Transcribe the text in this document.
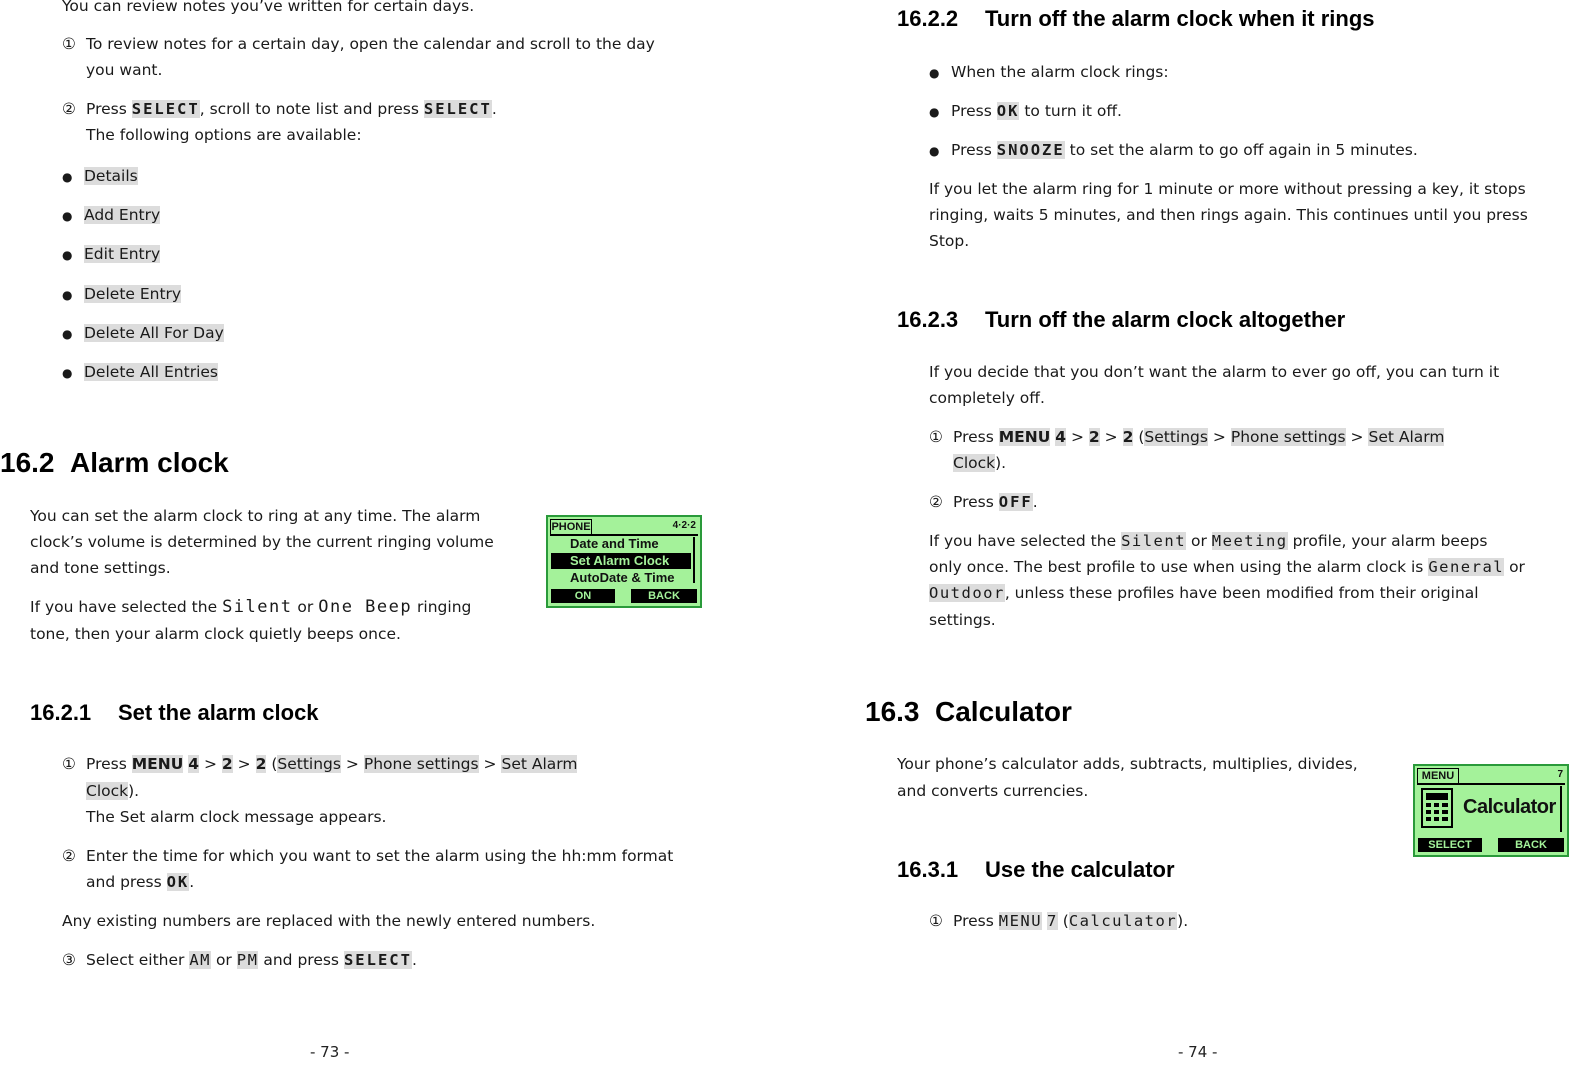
You can review notes you’ve written for certain days.
① To review notes for a certain day, open the calendar and scroll to the day
you want.
② Press SELECT, scroll to note list and press SELECT.
The following options are available:
● Details
● Add Entry
● Edit Entry
● Delete Entry
● Delete All For Day
● Delete All Entries
16.2 Alarm clock
You can set the alarm clock to ring at any time. The alarm
clock’s volume is determined by the current ringing volume
and tone settings.
If you have selected the Silent or One Beep ringing
tone, then your alarm clock quietly beeps once.
PHONE	4·2·2
Date and Time
Set Alarm Clock
AutoDate & Time
ON	BACK
16.2.1 Set the alarm clock
① Press MENU 4 > 2 > 2 (Settings > Phone settings > Set Alarm
Clock).
The Set alarm clock message appears.
② Enter the time for which you want to set the alarm using the hh:mm format
and press OK.
Any existing numbers are replaced with the newly entered numbers.
③ Select either AM or PM and press SELECT.
- 73 -
16.2.2 Turn off the alarm clock when it rings
● When the alarm clock rings:
● Press OK to turn it off.
● Press SNOOZE to set the alarm to go off again in 5 minutes.
If you let the alarm ring for 1 minute or more without pressing a key, it stops
ringing, waits 5 minutes, and then rings again. This continues until you press
Stop.
16.2.3 Turn off the alarm clock altogether
If you decide that you don’t want the alarm to ever go off, you can turn it
completely off.
① Press MENU 4 > 2 > 2 (Settings > Phone settings > Set Alarm
Clock).
② Press OFF.
If you have selected the Silent or Meeting profile, your alarm beeps
only once. The best profile to use when using the alarm clock is General or
Outdoor, unless these profiles have been modified from their original
settings.
16.3 Calculator
Your phone’s calculator adds, subtracts, multiplies, divides,
and converts currencies.
MENU	7
Calculator
SELECT	BACK
16.3.1 Use the calculator
① Press MENU 7 (Calculator).
- 74 -
